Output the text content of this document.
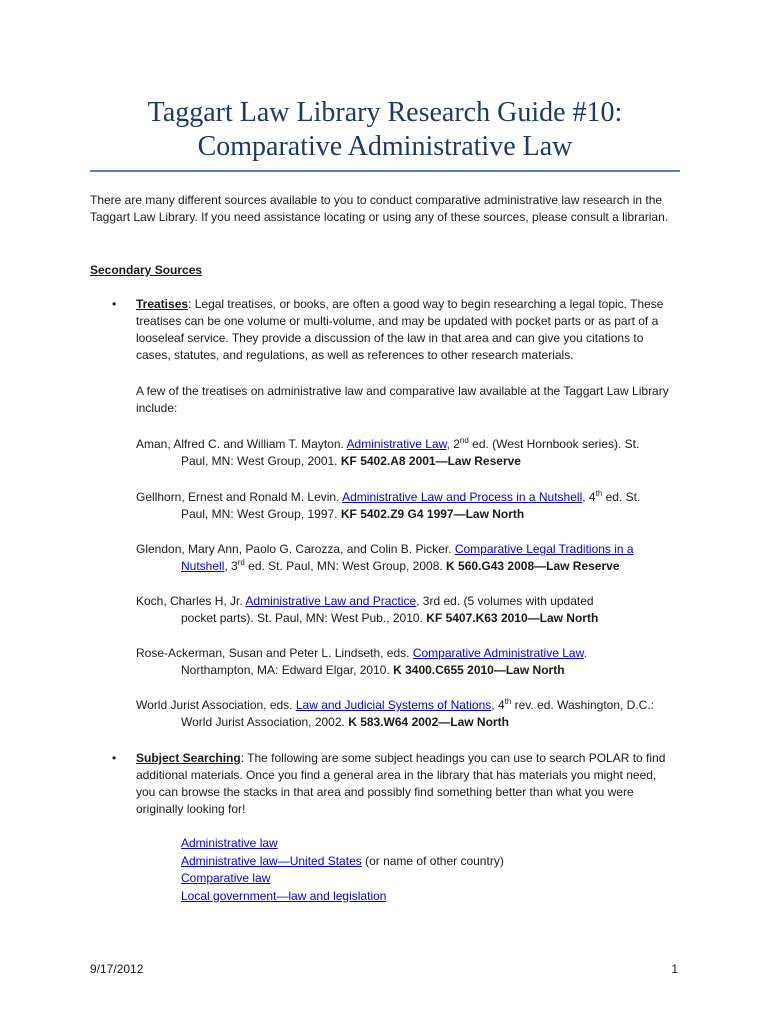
Taggart Law Library Research Guide #10:
Comparative Administrative Law
There are many different sources available to you to conduct comparative administrative law research in the Taggart Law Library. If you need assistance locating or using any of these sources, please consult a librarian.
Secondary Sources
• Treatises: Legal treatises, or books, are often a good way to begin researching a legal topic. These treatises can be one volume or multi-volume, and may be updated with pocket parts or as part of a looseleaf service. They provide a discussion of the law in that area and can give you citations to cases, statutes, and regulations, as well as references to other research materials.
A few of the treatises on administrative law and comparative law available at the Taggart Law Library include:
Aman, Alfred C. and William T. Mayton. Administrative Law, 2nd ed. (West Hornbook series). St.
Paul, MN: West Group, 2001. KF 5402.A8 2001—Law Reserve
Gellhorn, Ernest and Ronald M. Levin. Administrative Law and Process in a Nutshell, 4th ed. St.
Paul, MN: West Group, 1997. KF 5402.Z9 G4 1997—Law North
Glendon, Mary Ann, Paolo G. Carozza, and Colin B. Picker. Comparative Legal Traditions in a
Nutshell, 3rd ed. St. Paul, MN: West Group, 2008. K 560.G43 2008—Law Reserve
Koch, Charles H, Jr. Administrative Law and Practice, 3rd ed. (5 volumes with updated
pocket parts). St. Paul, MN: West Pub., 2010. KF 5407.K63 2010—Law North
Rose-Ackerman, Susan and Peter L. Lindseth, eds. Comparative Administrative Law.
Northampton, MA: Edward Elgar, 2010. K 3400.C655 2010—Law North
World Jurist Association, eds. Law and Judicial Systems of Nations, 4th rev. ed. Washington, D.C.:
World Jurist Association, 2002. K 583.W64 2002—Law North
• Subject Searching: The following are some subject headings you can use to search POLAR to find additional materials. Once you find a general area in the library that has materials you might need, you can browse the stacks in that area and possibly find something better than what you were originally looking for!
Administrative law
Administrative law—United States (or name of other country)
Comparative law
Local government—law and legislation
9/17/2012	1
